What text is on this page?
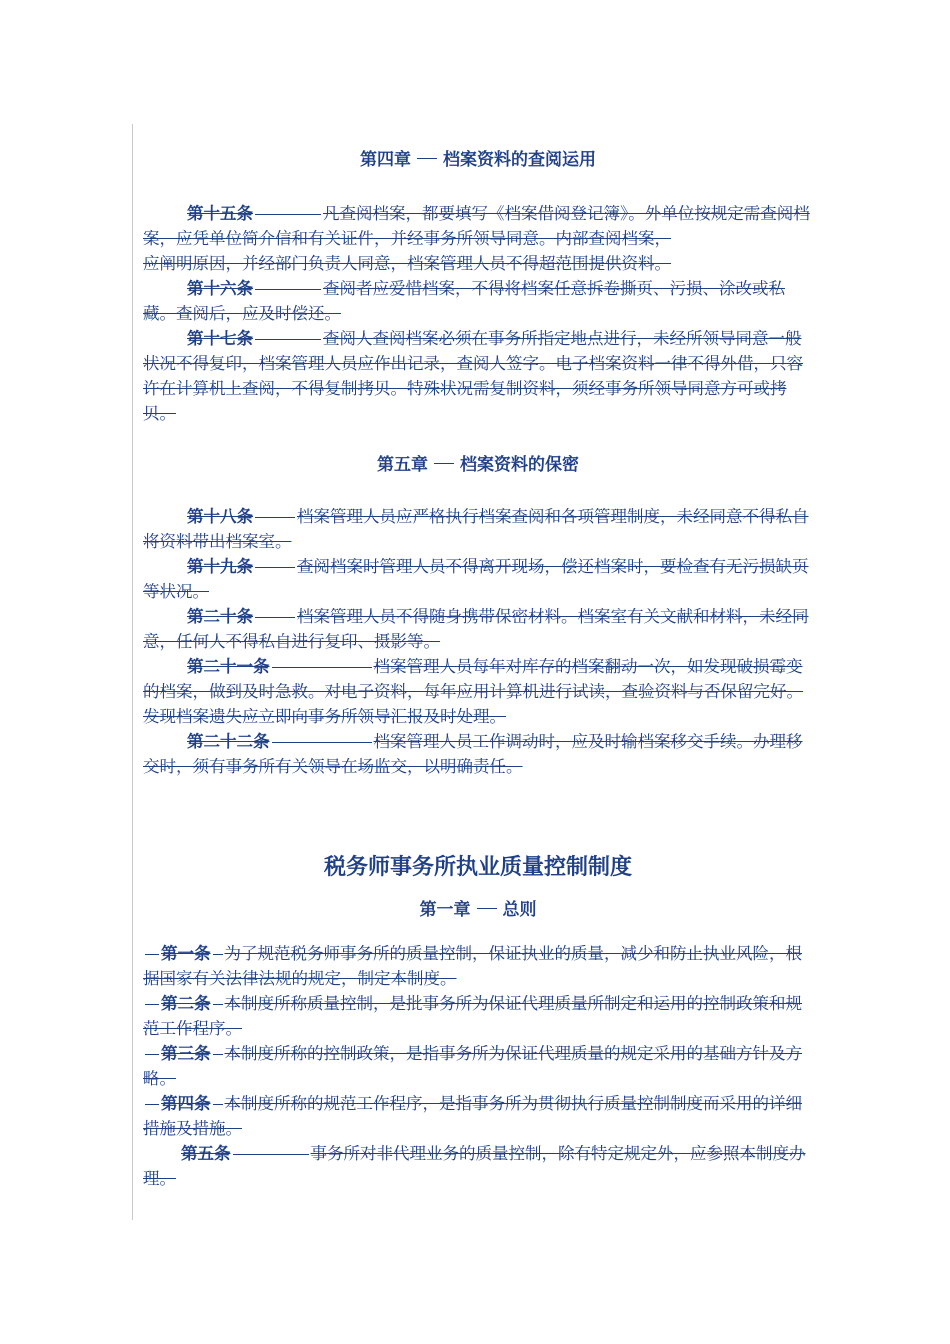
第四章 档案资料的查阅运用

第十五条	凡查阅档案，都要填写《档案借阅登记簿》。外单位按规定需查阅档案，应凭单位简介信和有关证件，并经事务所领导同意。内部查阅档案，

应阐明原因，并经部门负责人同意，档案管理人员不得超范围提供资料。

第十六条	查阅者应爱惜档案，不得将档案任意拆卷撕页、污损、涂改或私藏。查阅后，应及时偿还。

第十七条	查阅人查阅档案必须在事务所指定地点进行，未经所领导同意一般状况不得复印，档案管理人员应作出记录，查阅人签字。电子档案资料一律不得外借，只容许在计算机上查阅，不得复制拷贝。特殊状况需复制资料，须经事务所领导同意方可或拷贝。

第五章 档案资料的保密

第十八条	档案管理人员应严格执行档案查阅和各项管理制度，未经同意不得私自将资料带出档案室。

第十九条	查阅档案时管理人员不得离开现场，偿还档案时，要检查有无污损缺页等状况。

第二十条	档案管理人员不得随身携带保密材料。档案室有关文献和材料，未经同意，任何人不得私自进行复印、摄影等。

第二十一条	档案管理人员每年对库存的档案翻动一次，如发现破损霉变的档案，做到及时急救。对电子资料，每年应用计算机进行试读，查验资料与否保留完好。发现档案遗失应立即向事务所领导汇报及时处理。

第二十二条	档案管理人员工作调动时，应及时输档案移交手续。办理移交时，须有事务所有关领导在场监交，以明确责任。

税务师事务所执业质量控制制度

第一章 总则

第一条 为了规范税务师事务所的质量控制，保证执业的质量，减少和防止执业风险，根据国家有关法律法规的规定，制定本制度。

第二条 本制度所称质量控制，是批事务所为保证代理质量所制定和运用的控制政策和规范工作程序。

第三条 本制度所称的控制政策，是指事务所为保证代理质量的规定采用的基础方针及方略。

第四条 本制度所称的规范工作程序，是指事务所为贯彻执行质量控制制度而采用的详细措施及措施。

第五条	事务所对非代理业务的质量控制，除有特定规定外，应参照本制度办理。
